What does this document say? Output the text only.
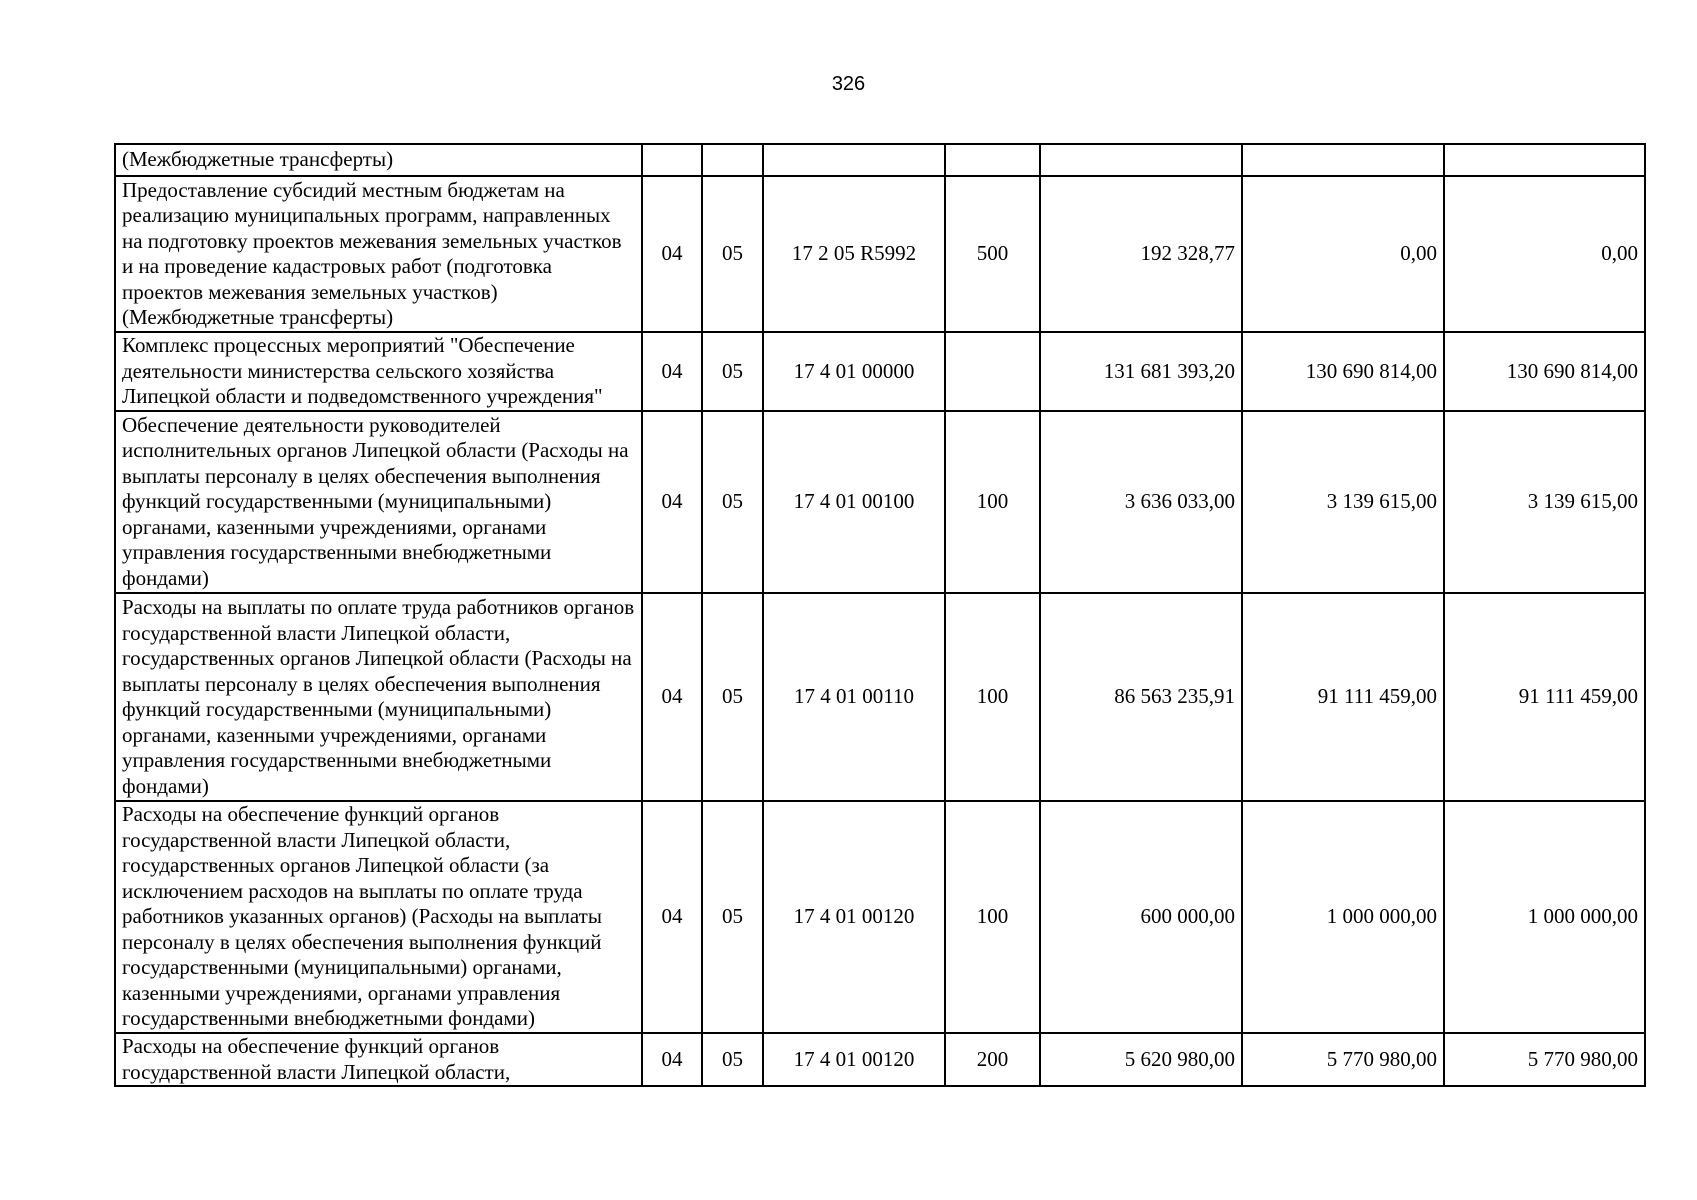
326
(Межбюджетные трансферты)							
Предоставление субсидий местным бюджетам на реализацию муниципальных программ, направленных на подготовку проектов межевания земельных участков и на проведение кадастровых работ (подготовка проектов межевания земельных участков) (Межбюджетные трансферты)	04	05	17 2 05 R5992	500	192 328,77	0,00	0,00
Комплекс процессных мероприятий "Обеспечение деятельности министерства сельского хозяйства Липецкой области и подведомственного учреждения"	04	05	17 4 01 00000		131 681 393,20	130 690 814,00	130 690 814,00
Обеспечение деятельности руководителей исполнительных органов Липецкой области (Расходы на выплаты персоналу в целях обеспечения выполнения функций государственными (муниципальными) органами, казенными учреждениями, органами управления государственными внебюджетными фондами)	04	05	17 4 01 00100	100	3 636 033,00	3 139 615,00	3 139 615,00
Расходы на выплаты по оплате труда работников органов государственной власти Липецкой области, государственных органов Липецкой области (Расходы на выплаты персоналу в целях обеспечения выполнения функций государственными (муниципальными) органами, казенными учреждениями, органами управления государственными внебюджетными фондами)	04	05	17 4 01 00110	100	86 563 235,91	91 111 459,00	91 111 459,00
Расходы на обеспечение функций органов государственной власти Липецкой области, государственных органов Липецкой области (за исключением расходов на выплаты по оплате труда работников указанных органов) (Расходы на выплаты персоналу в целях обеспечения выполнения функций государственными (муниципальными) органами, казенными учреждениями, органами управления государственными внебюджетными фондами)	04	05	17 4 01 00120	100	600 000,00	1 000 000,00	1 000 000,00
Расходы на обеспечение функций органов государственной власти Липецкой области,	04	05	17 4 01 00120	200	5 620 980,00	5 770 980,00	5 770 980,00
